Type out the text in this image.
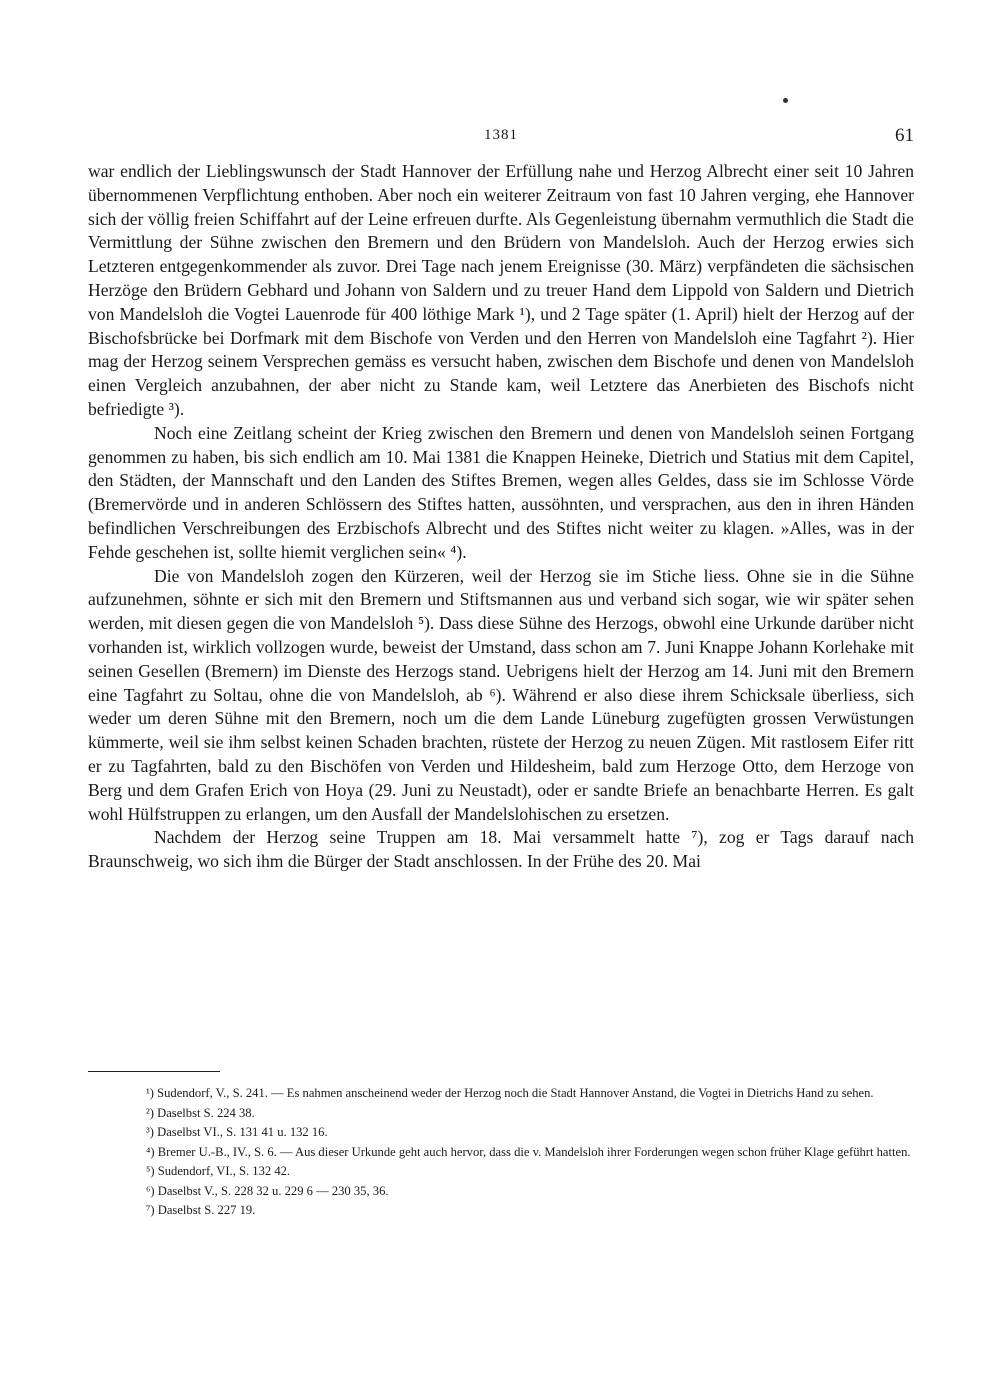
1381	61

war endlich der Lieblingswunsch der Stadt Hannover der Erfüllung nahe und Herzog Albrecht einer seit 10 Jahren übernommenen Verpflichtung enthoben. Aber noch ein weiterer Zeitraum von fast 10 Jahren verging, ehe Hannover sich der völlig freien Schiffahrt auf der Leine erfreuen durfte. Als Gegenleistung übernahm vermuthlich die Stadt die Vermittlung der Sühne zwischen den Bremern und den Brüdern von Mandelsloh. Auch der Herzog erwies sich Letzteren entgegenkommender als zuvor. Drei Tage nach jenem Ereignisse (30. März) verpfändeten die sächsischen Herzöge den Brüdern Gebhard und Johann von Saldern und zu treuer Hand dem Lippold von Saldern und Dietrich von Mandelsloh die Vogtei Lauenrode für 400 löthige Mark ¹), und 2 Tage später (1. April) hielt der Herzog auf der Bischofsbrücke bei Dorfmark mit dem Bischofe von Verden und den Herren von Mandelsloh eine Tagfahrt ²). Hier mag der Herzog seinem Versprechen gemäss es versucht haben, zwischen dem Bischofe und denen von Mandelsloh einen Vergleich anzubahnen, der aber nicht zu Stande kam, weil Letztere das Anerbieten des Bischofs nicht befriedigte ³).

Noch eine Zeitlang scheint der Krieg zwischen den Bremern und denen von Mandelsloh seinen Fortgang genommen zu haben, bis sich endlich am 10. Mai 1381 die Knappen Heineke, Dietrich und Statius mit dem Capitel, den Städten, der Mannschaft und den Landen des Stiftes Bremen, wegen alles Geldes, dass sie im Schlosse Vörde (Bremervörde und in anderen Schlössern des Stiftes hatten, aussöhnten, und versprachen, aus den in ihren Händen befindlichen Verschreibungen des Erzbischofs Albrecht und des Stiftes nicht weiter zu klagen. »Alles, was in der Fehde geschehen ist, sollte hiemit verglichen sein« ⁴).

Die von Mandelsloh zogen den Kürzeren, weil der Herzog sie im Stiche liess. Ohne sie in die Sühne aufzunehmen, söhnte er sich mit den Bremern und Stiftsmannen aus und verband sich sogar, wie wir später sehen werden, mit diesen gegen die von Mandelsloh ⁵). Dass diese Sühne des Herzogs, obwohl eine Urkunde darüber nicht vorhanden ist, wirklich vollzogen wurde, beweist der Umstand, dass schon am 7. Juni Knappe Johann Korlehake mit seinen Gesellen (Bremern) im Dienste des Herzogs stand. Uebrigens hielt der Herzog am 14. Juni mit den Bremern eine Tagfahrt zu Soltau, ohne die von Mandelsloh, ab ⁶). Während er also diese ihrem Schicksale überliess, sich weder um deren Sühne mit den Bremern, noch um die dem Lande Lüneburg zugefügten grossen Verwüstungen kümmerte, weil sie ihm selbst keinen Schaden brachten, rüstete der Herzog zu neuen Zügen. Mit rastlosem Eifer ritt er zu Tagfahrten, bald zu den Bischöfen von Verden und Hildesheim, bald zum Herzoge Otto, dem Herzoge von Berg und dem Grafen Erich von Hoya (29. Juni zu Neustadt), oder er sandte Briefe an benachbarte Herren. Es galt wohl Hülfstruppen zu erlangen, um den Ausfall der Mandelslohischen zu ersetzen.

Nachdem der Herzog seine Truppen am 18. Mai versammelt hatte ⁷), zog er Tags darauf nach Braunschweig, wo sich ihm die Bürger der Stadt anschlossen. In der Frühe des 20. Mai

¹) Sudendorf, V., S. 241. — Es nahmen anscheinend weder der Herzog noch die Stadt Hannover Anstand, die Vogtei in Dietrichs Hand zu sehen.

²) Daselbst S. 224 38.

³) Daselbst VI., S. 131 41 u. 132 16.

⁴) Bremer U.-B., IV., S. 6. — Aus dieser Urkunde geht auch hervor, dass die v. Mandelsloh ihrer Forderungen wegen schon früher Klage geführt hatten.

⁵) Sudendorf, VI., S. 132 42.

⁶) Daselbst V., S. 228 32 u. 229 6 — 230 35, 36.

⁷) Daselbst S. 227 19.
